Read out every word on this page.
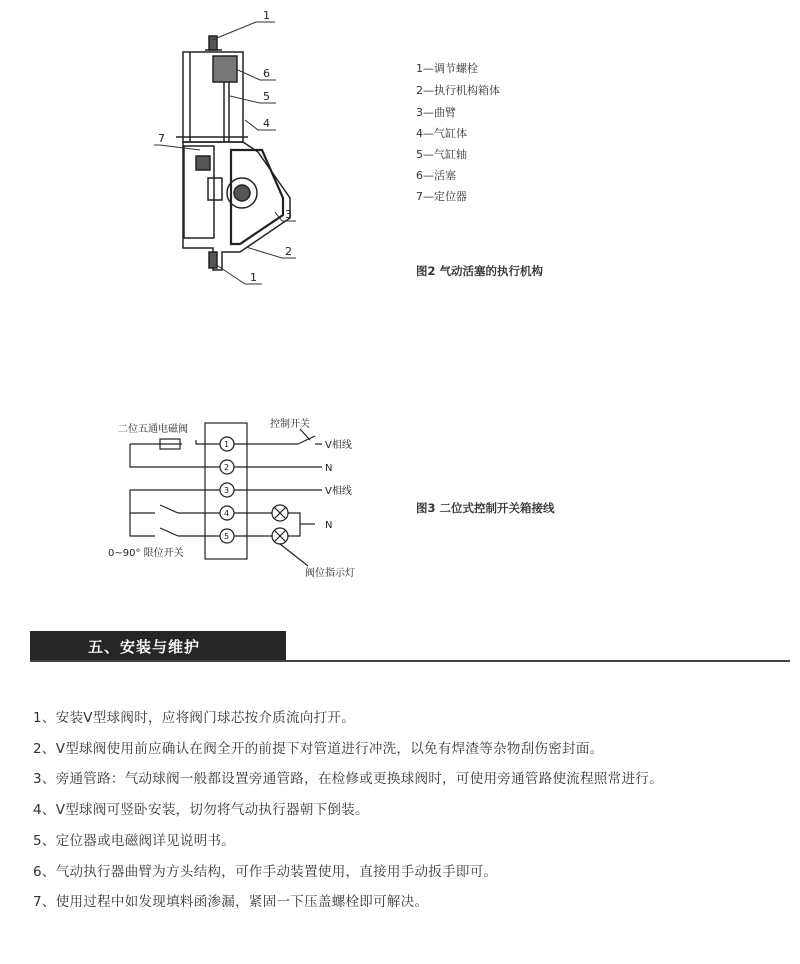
1
6
5
4
7
3
2
1
1—调节螺栓
2—执行机构箱体
3—曲臂
4—气缸体
5—气缸轴
6—活塞
7—定位器
图2 气动活塞的执行机构
1
2
3
4
5
二位五通电磁阀	控制开关
V相线
N
V相线
N
0~90° 限位开关
阀位指示灯
图3 二位式控制开关箱接线
五、安装与维护
1、安装V型球阀时，应将阀门球芯按介质流向打开。
2、V型球阀使用前应确认在阀全开的前提下对管道进行冲洗，以免有焊渣等杂物刮伤密封面。
3、旁通管路：气动球阀一般都设置旁通管路，在检修或更换球阀时，可使用旁通管路使流程照常进行。
4、V型球阀可竖卧安装，切勿将气动执行器朝下倒装。
5、定位器或电磁阀详见说明书。
6、气动执行器曲臂为方头结构，可作手动装置使用，直接用手动扳手即可。
7、使用过程中如发现填料函渗漏，紧固一下压盖螺栓即可解决。
